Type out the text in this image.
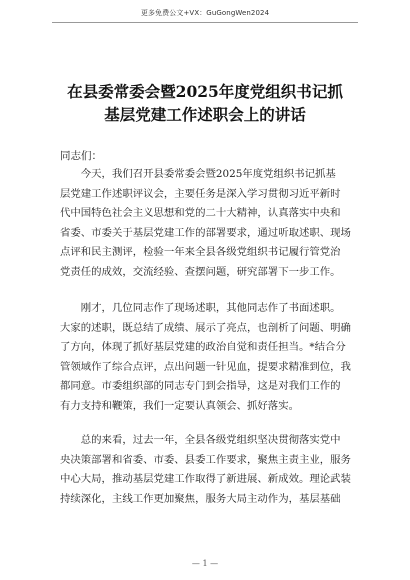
更多免费公文+VX：GuGongWen2024
在县委常委会暨2025年度党组织书记抓
基层党建工作述职会上的讲话
同志们：
　　今天，我们召开县委常委会暨2025年度党组织书记抓基
层党建工作述职评议会，主要任务是深入学习贯彻习近平新时
代中国特色社会主义思想和党的二十大精神，认真落实中央和
省委、市委关于基层党建工作的部署要求，通过听取述职、现场
点评和民主测评，检验一年来全县各级党组织书记履行管党治
党责任的成效，交流经验、查摆问题，研究部署下一步工作。
　　刚才，几位同志作了现场述职，其他同志作了书面述职。
大家的述职，既总结了成绩、展示了亮点，也剖析了问题、明确
了方向，体现了抓好基层党建的政治自觉和责任担当。*结合分
管领域作了综合点评，点出问题一针见血，提要求精准到位，我
都同意。市委组织部的同志专门到会指导，这是对我们工作的
有力支持和鞭策，我们一定要认真领会、抓好落实。
　　总的来看，过去一年，全县各级党组织坚决贯彻落实党中
央决策部署和省委、市委、县委工作要求，聚焦主责主业，服务
中心大局，推动基层党建工作取得了新进展、新成效。理论武装
持续深化，主线工作更加聚焦，服务大局主动作为，基层基础
— 1 —
